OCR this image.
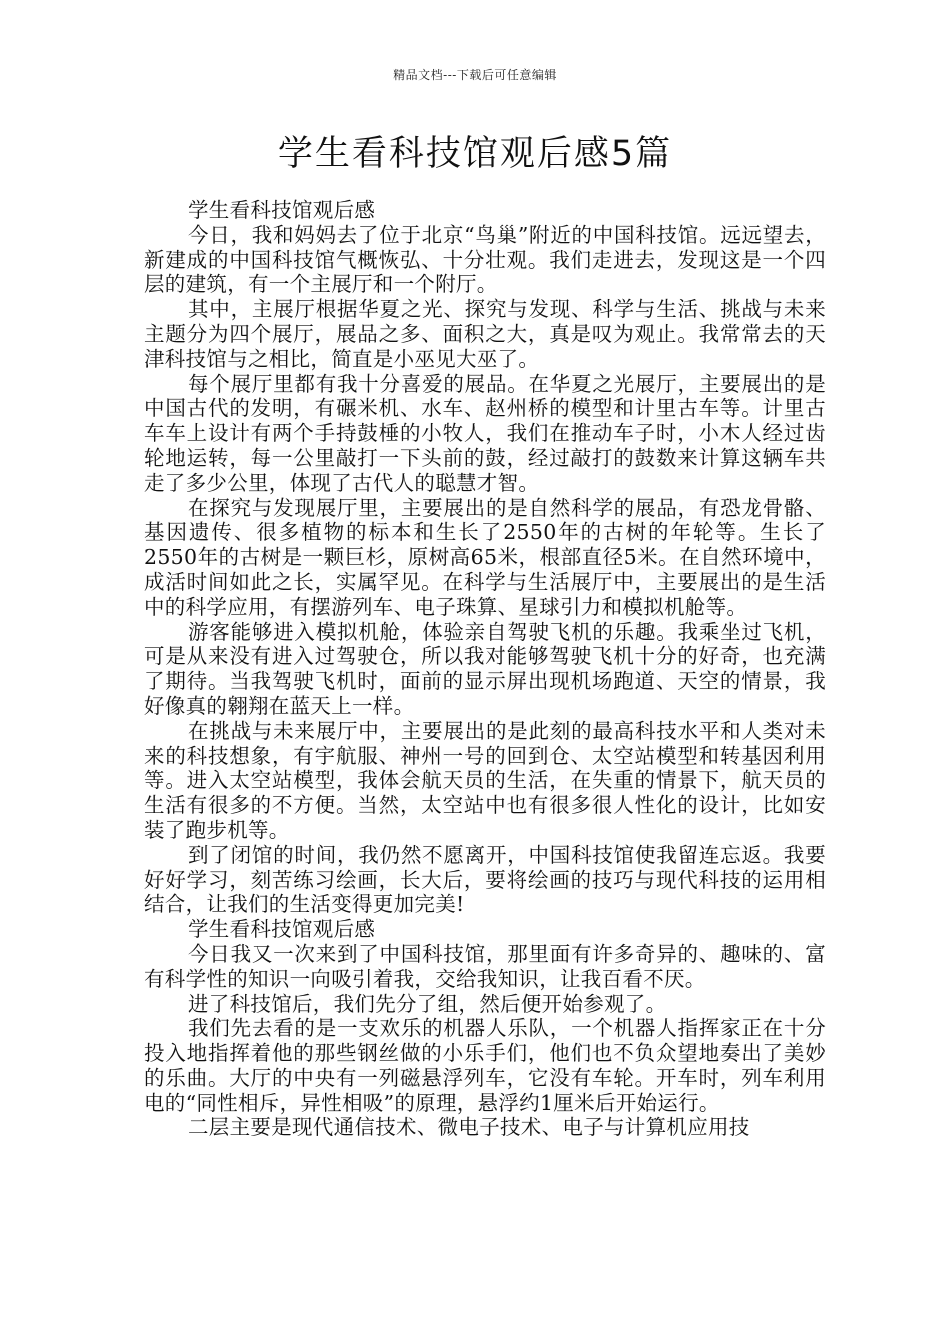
精品文档---下载后可任意编辑
学生看科技馆观后感5篇

学生看科技馆观后感

今日，我和妈妈去了位于北京“鸟巢”附近的中国科技馆。远远望去，新建成的中国科技馆气概恢弘、十分壮观。我们走进去，发现这是一个四层的建筑，有一个主展厅和一个附厅。

其中，主展厅根据华夏之光、探究与发现、科学与生活、挑战与未来主题分为四个展厅，展品之多、面积之大，真是叹为观止。我常常去的天津科技馆与之相比，简直是小巫见大巫了。

每个展厅里都有我十分喜爱的展品。在华夏之光展厅，主要展出的是中国古代的发明，有碾米机、水车、赵州桥的模型和计里古车等。计里古车车上设计有两个手持鼓棰的小牧人，我们在推动车子时，小木人经过齿轮地运转，每一公里敲打一下头前的鼓，经过敲打的鼓数来计算这辆车共走了多少公里，体现了古代人的聪慧才智。

在探究与发现展厅里，主要展出的是自然科学的展品，有恐龙骨骼、基因遗传、很多植物的标本和生长了2550年的古树的年轮等。生长了2550年的古树是一颗巨杉，原树高65米，根部直径5米。在自然环境中，成活时间如此之长，实属罕见。在科学与生活展厅中，主要展出的是生活中的科学应用，有摆游列车、电子珠算、星球引力和模拟机舱等。

游客能够进入模拟机舱，体验亲自驾驶飞机的乐趣。我乘坐过飞机，可是从来没有进入过驾驶仓，所以我对能够驾驶飞机十分的好奇，也充满了期待。当我驾驶飞机时，面前的显示屏出现机场跑道、天空的情景，我好像真的翱翔在蓝天上一样。

在挑战与未来展厅中，主要展出的是此刻的最高科技水平和人类对未来的科技想象，有宇航服、神州一号的回到仓、太空站模型和转基因利用等。进入太空站模型，我体会航天员的生活，在失重的情景下，航天员的生活有很多的不方便。当然，太空站中也有很多很人性化的设计，比如安装了跑步机等。

到了闭馆的时间，我仍然不愿离开，中国科技馆使我留连忘返。我要好好学习，刻苦练习绘画，长大后，要将绘画的技巧与现代科技的运用相结合，让我们的生活变得更加完美!

学生看科技馆观后感

今日我又一次来到了中国科技馆，那里面有许多奇异的、趣味的、富有科学性的知识一向吸引着我，交给我知识，让我百看不厌。

进了科技馆后，我们先分了组，然后便开始参观了。

我们先去看的是一支欢乐的机器人乐队，一个机器人指挥家正在十分投入地指挥着他的那些钢丝做的小乐手们，他们也不负众望地奏出了美妙的乐曲。大厅的中央有一列磁悬浮列车，它没有车轮。开车时，列车利用电的“同性相斥，异性相吸”的原理，悬浮约1厘米后开始运行。

二层主要是现代通信技术、微电子技术、电子与计算机应用技
